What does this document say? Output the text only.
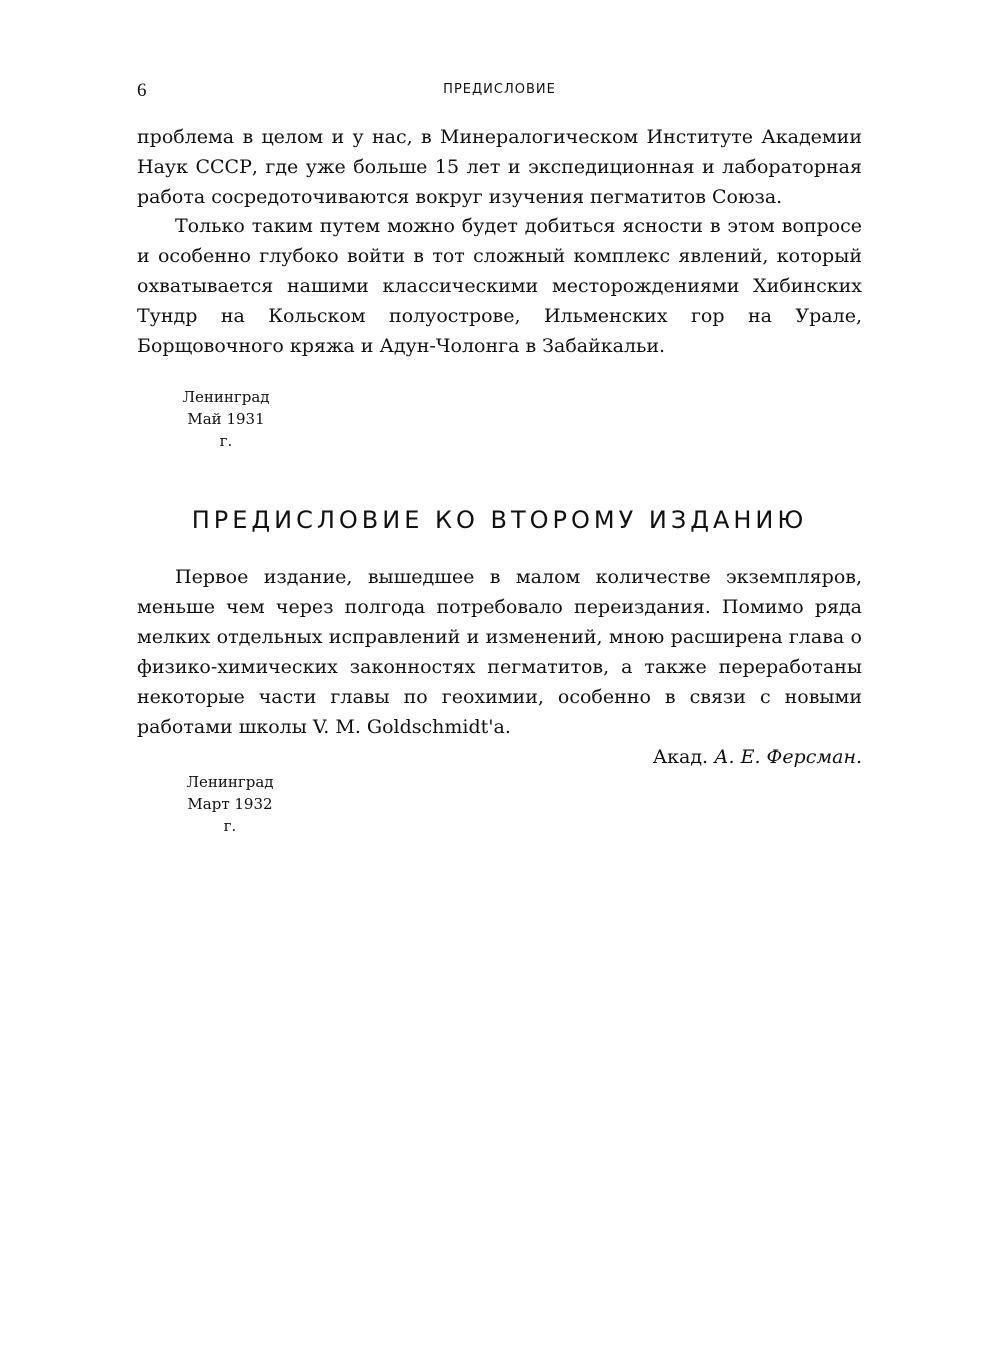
6	ПРЕДИСЛОВИЕ

проблема в целом и у нас, в Минералогическом Институте Академии Наук СССР, где уже больше 15 лет и экспедиционная и лабораторная работа сосредоточиваются вокруг изучения пегматитов Союза.

Только таким путем можно будет добиться ясности в этом вопросе и особенно глубоко войти в тот сложный комплекс явлений, который охватывается нашими классическими месторождениями Хибинских Тундр на Кольском полуострове, Ильменских гор на Урале, Борщовочного кряжа и Адун-Чолонга в Забайкальи.

Ленинград
Май 1931 г.
ПРЕДИСЛОВИЕ КО ВТОРОМУ ИЗДАНИЮ

Первое издание, вышедшее в малом количестве экземпляров, меньше чем через полгода потребовало переиздания. Помимо ряда мелких отдельных исправлений и изменений, мною расширена глава о физико-химических законностях пегматитов, а также переработаны некоторые части главы по геохимии, особенно в связи с новыми работами школы V. M. Goldschmidt'a.

Акад. А. Е. Ферсман.
Ленинград
Март 1932 г.
